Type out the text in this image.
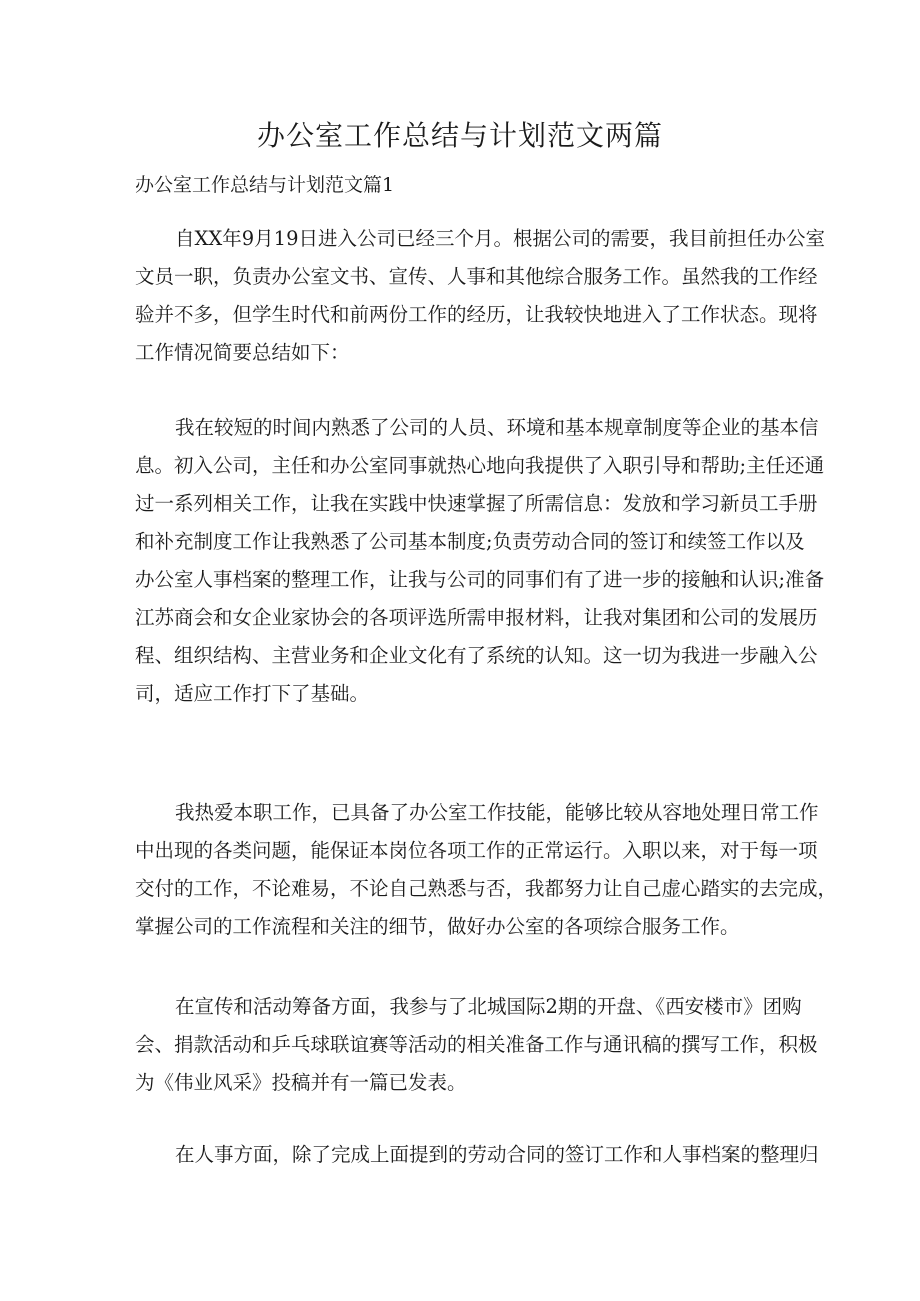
办公室工作总结与计划范文两篇
办公室工作总结与计划范文篇1
自XX年9月19日进入公司已经三个月。根据公司的需要，我目前担任办公室
文员一职，负责办公室文书、宣传、人事和其他综合服务工作。虽然我的工作经
验并不多，但学生时代和前两份工作的经历，让我较快地进入了工作状态。现将
工作情况简要总结如下：
我在较短的时间内熟悉了公司的人员、环境和基本规章制度等企业的基本信
息。初入公司，主任和办公室同事就热心地向我提供了入职引导和帮助;主任还通
过一系列相关工作，让我在实践中快速掌握了所需信息：发放和学习新员工手册
和补充制度工作让我熟悉了公司基本制度;负责劳动合同的签订和续签工作以及
办公室人事档案的整理工作，让我与公司的同事们有了进一步的接触和认识;准备
江苏商会和女企业家协会的各项评选所需申报材料，让我对集团和公司的发展历
程、组织结构、主营业务和企业文化有了系统的认知。这一切为我进一步融入公
司，适应工作打下了基础。
我热爱本职工作，已具备了办公室工作技能，能够比较从容地处理日常工作
中出现的各类问题，能保证本岗位各项工作的正常运行。入职以来，对于每一项
交付的工作，不论难易，不论自己熟悉与否，我都努力让自己虚心踏实的去完成，
掌握公司的工作流程和关注的细节，做好办公室的各项综合服务工作。
在宣传和活动筹备方面，我参与了北城国际2期的开盘、《西安楼市》团购
会、捐款活动和乒乓球联谊赛等活动的相关准备工作与通讯稿的撰写工作，积极
为《伟业风采》投稿并有一篇已发表。
在人事方面，除了完成上面提到的劳动合同的签订工作和人事档案的整理归
